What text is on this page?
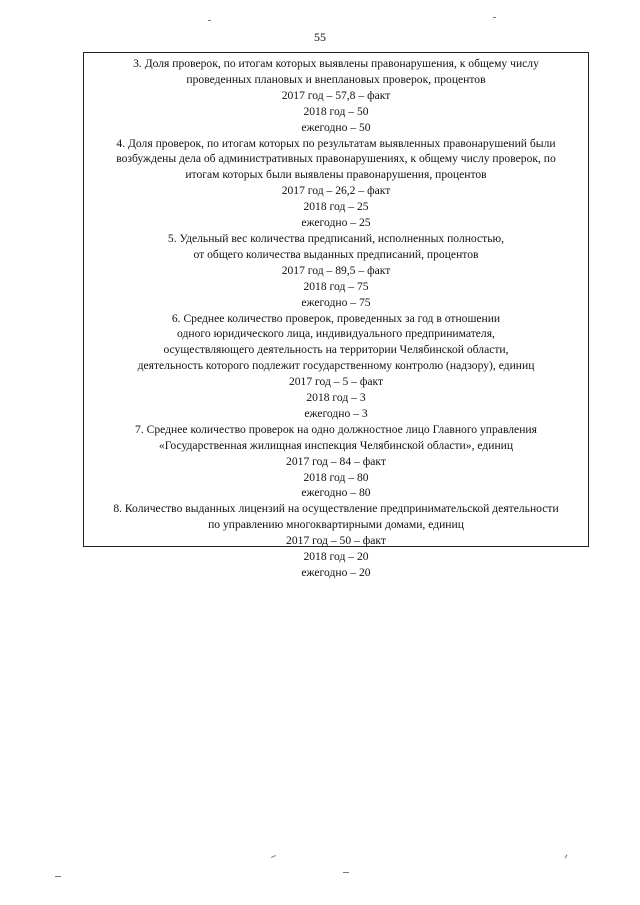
55
3. Доля проверок, по итогам которых выявлены правонарушения, к общему числу
проведенных плановых и внеплановых проверок, процентов
2017 год – 57,8 – факт
2018 год – 50
ежегодно – 50
4. Доля проверок, по итогам которых по результатам выявленных правонарушений были
возбуждены дела об административных правонарушениях, к общему числу проверок, по
итогам которых были выявлены правонарушения, процентов
2017 год – 26,2 – факт
2018 год – 25
ежегодно – 25
5. Удельный вес количества предписаний, исполненных полностью,
от общего количества выданных предписаний, процентов
2017 год – 89,5 – факт
2018 год – 75
ежегодно – 75
6. Среднее количество проверок, проведенных за год в отношении
одного юридического лица, индивидуального предпринимателя,
осуществляющего деятельность на территории Челябинской области,
деятельность которого подлежит государственному контролю (надзору), единиц
2017 год – 5 – факт
2018 год – 3
ежегодно – 3
7. Среднее количество проверок на одно должностное лицо Главного управления
«Государственная жилищная инспекция Челябинской области», единиц
2017 год – 84 – факт
2018 год – 80
ежегодно – 80
8. Количество выданных лицензий на осуществление предпринимательской деятельности
по управлению многоквартирными домами, единиц
2017 год – 50 – факт
2018 год – 20
ежегодно – 20
